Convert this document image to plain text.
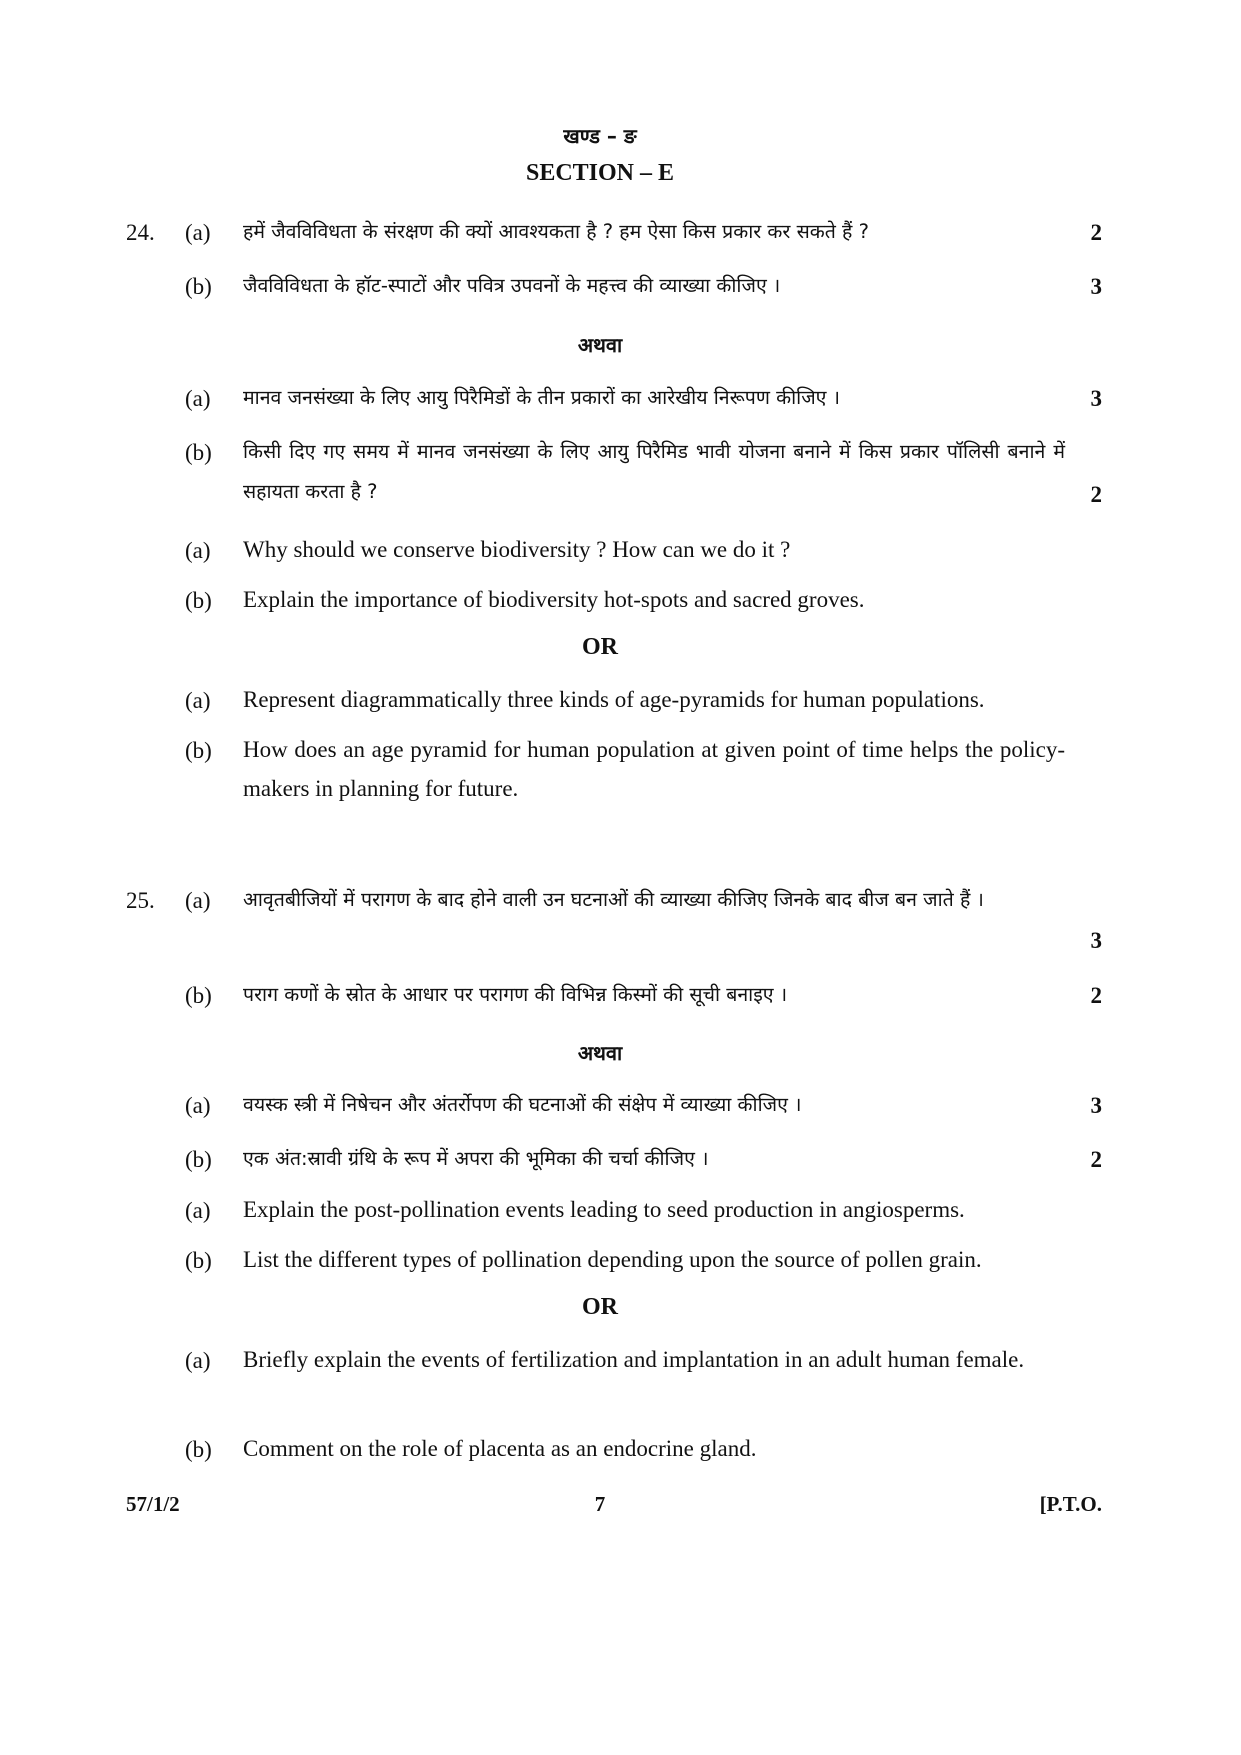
खण्ड – ङ
SECTION – E
24. (a) हमें जैवविविधता के संरक्षण की क्यों आवश्यकता है ? हम ऐसा किस प्रकार कर सकते हैं ?	2
(b) जैवविविधता के हॉट-स्पाटों और पवित्र उपवनों के महत्त्व की व्याख्या कीजिए ।	3
अथवा
(a) मानव जनसंख्या के लिए आयु पिरैमिडों के तीन प्रकारों का आरेखीय निरूपण कीजिए ।	3
(b) किसी दिए गए समय में मानव जनसंख्या के लिए आयु पिरैमिड भावी योजना बनाने में किस प्रकार पॉलिसी बनाने में सहायता करता है ?	2
(a) Why should we conserve biodiversity ? How can we do it ?
(b) Explain the importance of biodiversity hot-spots and sacred groves.
OR
(a) Represent diagrammatically three kinds of age-pyramids for human populations.
(b) How does an age pyramid for human population at given point of time helps the policy-makers in planning for future.
25. (a) आवृतबीजियों में परागण के बाद होने वाली उन घटनाओं की व्याख्या कीजिए जिनके बाद बीज बन जाते हैं ।
3
(b) पराग कणों के स्रोत के आधार पर परागण की विभिन्न किस्मों की सूची बनाइए ।	2
अथवा
(a) वयस्क स्त्री में निषेचन और अंतर्रोपण की घटनाओं की संक्षेप में व्याख्या कीजिए ।	3
(b) एक अंत:स्रावी ग्रंथि के रूप में अपरा की भूमिका की चर्चा कीजिए ।	2
(a) Explain the post-pollination events leading to seed production in angiosperms.
(b) List the different types of pollination depending upon the source of pollen grain.
OR
(a) Briefly explain the events of fertilization and implantation in an adult human female.
(b) Comment on the role of placenta as an endocrine gland.
57/1/2	7	[P.T.O.
